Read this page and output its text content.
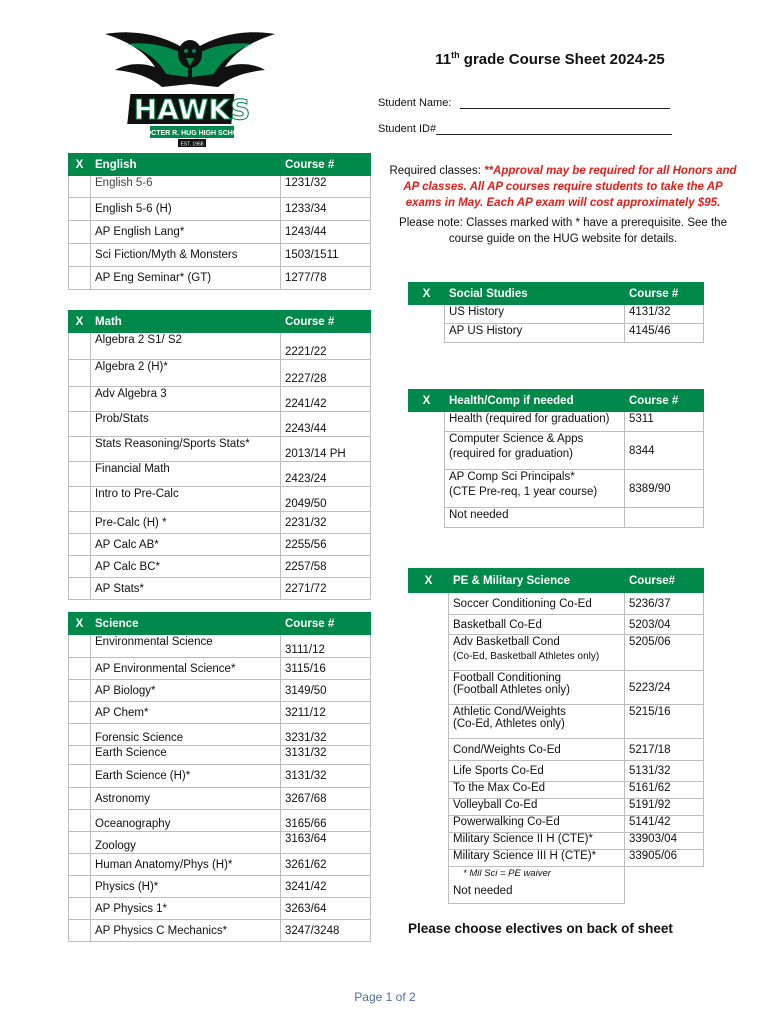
HAWKS
PROCTER R. HUG HIGH SCHOOL
EST. 1968
11th grade Course Sheet 2024-25
Student Name:
Student ID#
Required classes: **Approval may be required for all Honors and AP classes. All AP courses require students to take the AP exams in May. Each AP exam will cost approximately $95.
Please note: Classes marked with * have a prerequisite. See the course guide on the HUG website for details.
X	English	Course #
	English 5-6	1231/32
	English 5-6 (H)	1233/34
	AP English Lang*	1243/44
	Sci Fiction/Myth & Monsters	1503/1511
	AP Eng Seminar* (GT)	1277/78
X	Math	Course #
	Algebra 2 S1/ S2	2221/22
	Algebra 2 (H)*	2227/28
	Adv Algebra 3	2241/42
	Prob/Stats	2243/44
	Stats Reasoning/Sports Stats*	2013/14 PH
	Financial Math	2423/24
	Intro to Pre-Calc	2049/50
	Pre-Calc (H) *	2231/32
	AP Calc AB*	2255/56
	AP Calc BC*	2257/58
	AP Stats*	2271/72
X	Science	Course #
	Environmental Science	3111/12
	AP Environmental Science*	3115/16
	AP Biology*	3149/50
	AP Chem*	3211/12
	Forensic Science	3231/32
	Earth Science	3131/32
	Earth Science (H)*	3131/32
	Astronomy	3267/68
	Oceanography	3165/66
	Zoology	3163/64
	Human Anatomy/Phys (H)*	3261/62
	Physics (H)*	3241/42
	AP Physics 1*	3263/64
	AP Physics C Mechanics*	3247/3248
X	Social Studies	Course #
	US History	4131/32
	AP US History	4145/46
X	Health/Comp if needed	Course #
	Health (required for graduation)	5311

	Computer Science & Apps
(required for graduation)	8344

	AP Comp Sci Principals*
(CTE Pre-req, 1 year course)	8389/90
	Not needed	
X	PE & Military Science	Course#
	Soccer Conditioning Co-Ed	5236/37
	Basketball Co-Ed	5203/04

	Adv Basketball Cond
(Co-Ed, Basketball Athletes only)	5205/06

	Football Conditioning
(Football Athletes only)	5223/24

	Athletic Cond/Weights
(Co-Ed, Athletes only)	5215/16
	Cond/Weights Co-Ed	5217/18
	Life Sports Co-Ed	5131/32
	To the Max Co-Ed	5161/62
	Volleyball Co-Ed	5191/92
	Powerwalking Co-Ed	5141/42
	Military Science II H (CTE)*	33903/04
	Military Science III H (CTE)*	33905/06
	* Mil Sci = PE waiver	
	Not needed	
Please choose electives on back of sheet
Page 1 of 2
